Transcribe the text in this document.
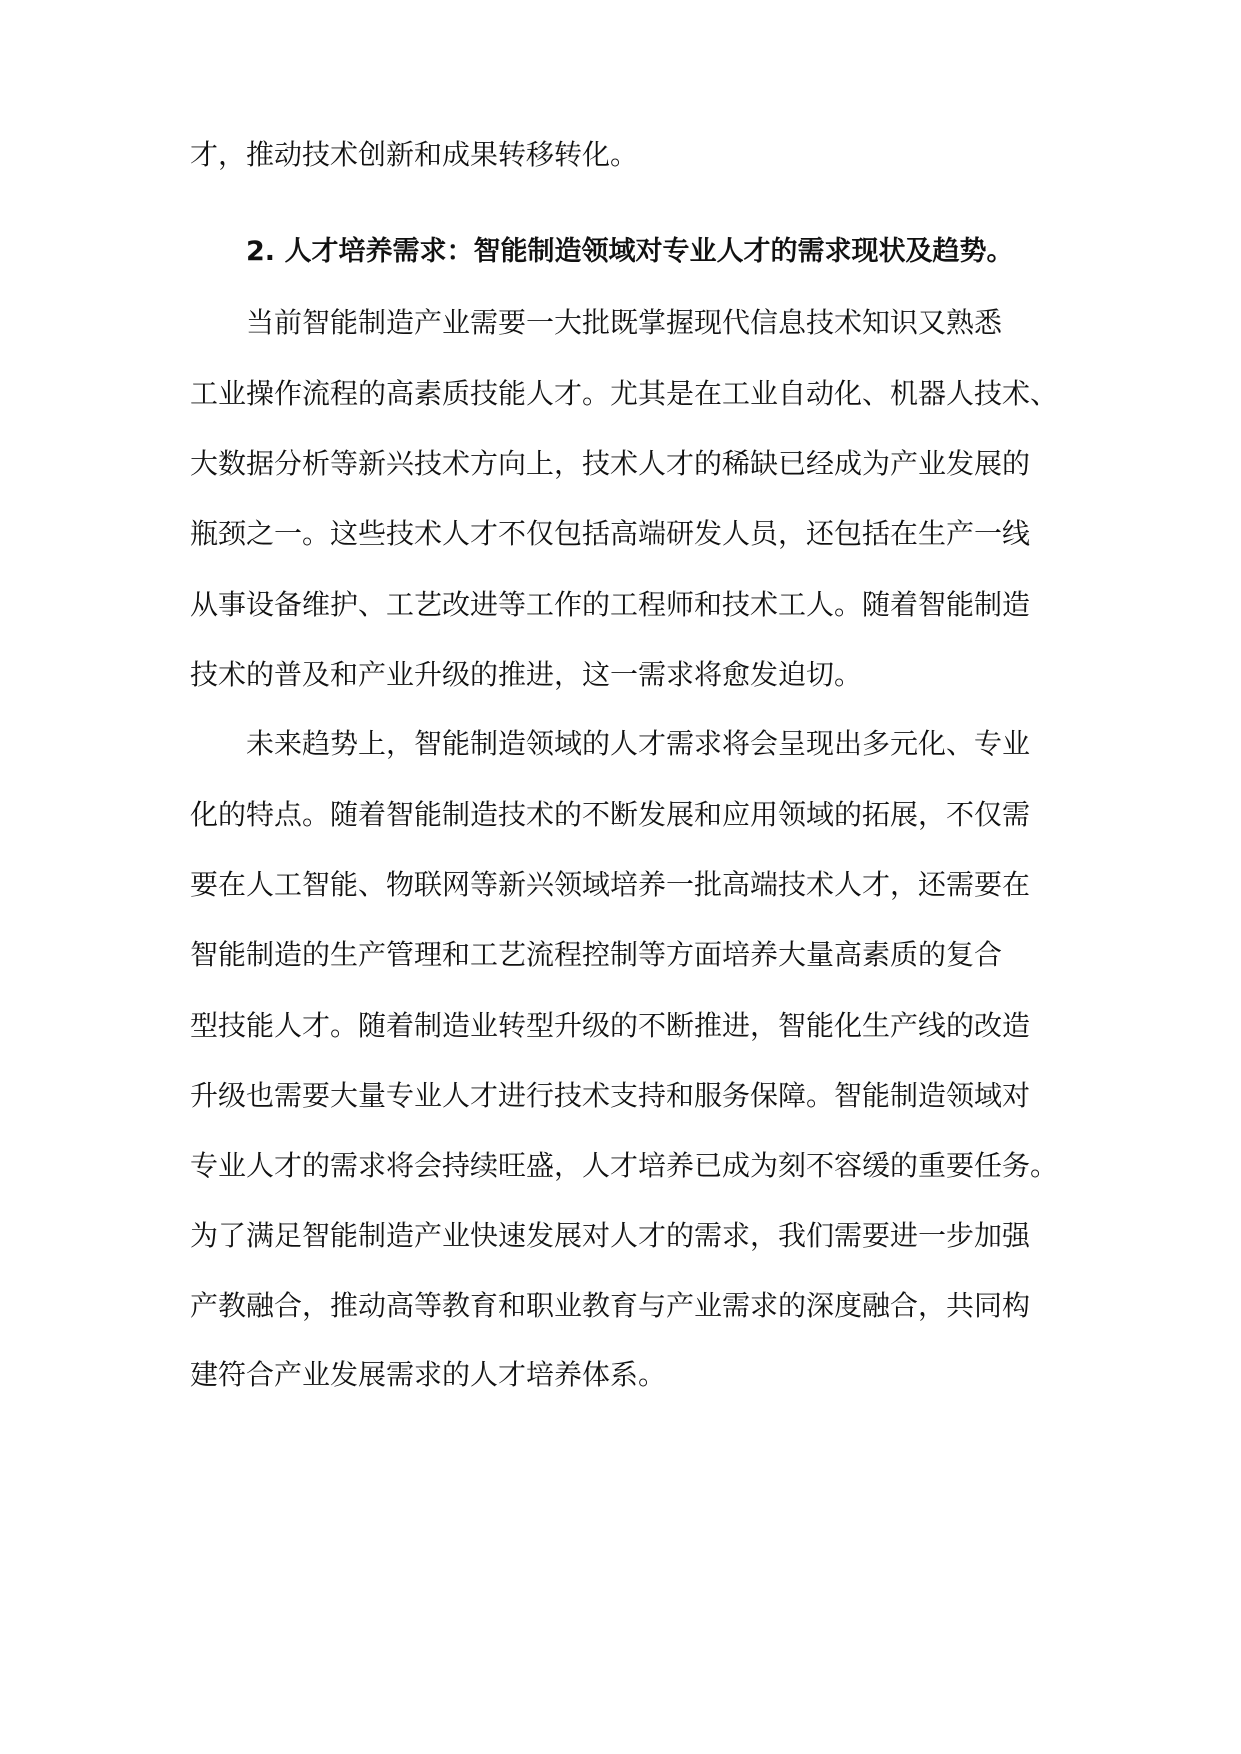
才，推动技术创新和成果转移转化。
2. 人才培养需求：智能制造领域对专业人才的需求现状及趋势。
当前智能制造产业需要一大批既掌握现代信息技术知识又熟悉
工业操作流程的高素质技能人才。尤其是在工业自动化、机器人技术、
大数据分析等新兴技术方向上，技术人才的稀缺已经成为产业发展的
瓶颈之一。这些技术人才不仅包括高端研发人员，还包括在生产一线
从事设备维护、工艺改进等工作的工程师和技术工人。随着智能制造
技术的普及和产业升级的推进，这一需求将愈发迫切。
未来趋势上，智能制造领域的人才需求将会呈现出多元化、专业
化的特点。随着智能制造技术的不断发展和应用领域的拓展，不仅需
要在人工智能、物联网等新兴领域培养一批高端技术人才，还需要在
智能制造的生产管理和工艺流程控制等方面培养大量高素质的复合
型技能人才。随着制造业转型升级的不断推进，智能化生产线的改造
升级也需要大量专业人才进行技术支持和服务保障。智能制造领域对
专业人才的需求将会持续旺盛，人才培养已成为刻不容缓的重要任务。
为了满足智能制造产业快速发展对人才的需求，我们需要进一步加强
产教融合，推动高等教育和职业教育与产业需求的深度融合，共同构
建符合产业发展需求的人才培养体系。
